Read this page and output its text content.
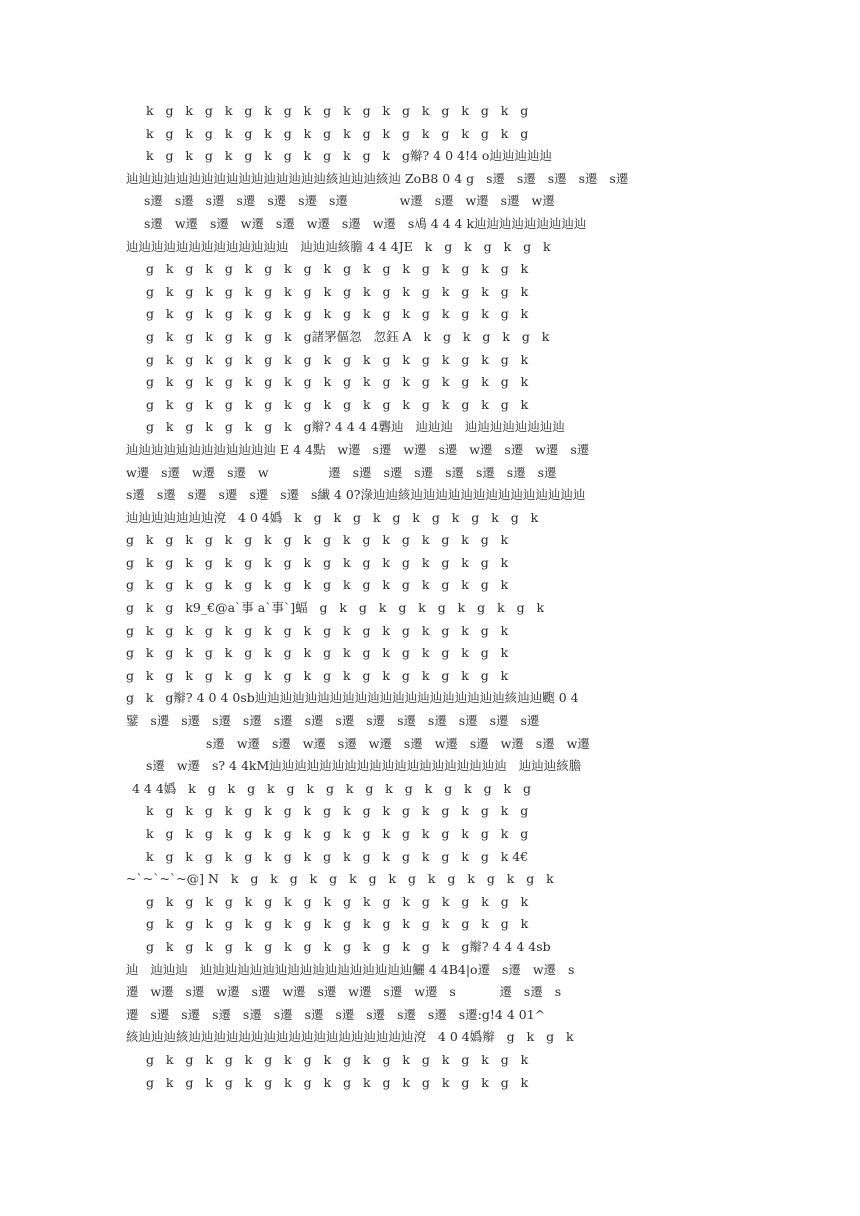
k   g   k   g   k   g   k   g   k   g   k   g   k   g   k   g   k   g   k   g
k   g   k   g   k   g   k   g   k   g   k   g   k   g   k   g   k   g   k   g
k   g   k   g   k   g   k   g   k   g   k   g   k   g辮? 4 0 4!4 o辿辿辿辿辿
辿辿辿辿辿辿辿辿辿辿辿辿辿辿辿辿絯辿辿辿絯辿 ZoB8 0 4 g   s遷   s遷   s遷   s遷   s遷
s遷   s遷   s遷   s遷   s遷   s遷   s遷             w遷   s遷   w遷   s遷   w遷
s遷   w遷   s遷   w遷   s遷   w遷   s遷   w遷   s鳰 4 4 4 k辿辿辿辿辿辿辿辿辿
辿辿辿辿辿辿辿辿辿辿辿辿辿   辿辿辿絯膽 4 4 4JE   k   g   k   g   k   g   k
g   k   g   k   g   k   g   k   g   k   g   k   g   k   g   k   g   k   g   k
g   k   g   k   g   k   g   k   g   k   g   k   g   k   g   k   g   k   g   k
g   k   g   k   g   k   g   k   g   k   g   k   g   k   g   k   g   k   g   k
g   k   g   k   g   k   g   k   g諸罞傴忽   忽鈺 A   k   g   k   g   k   g   k
g   k   g   k   g   k   g   k   g   k   g   k   g   k   g   k   g   k   g   k
g   k   g   k   g   k   g   k   g   k   g   k   g   k   g   k   g   k   g   k
g   k   g   k   g   k   g   k   g   k   g   k   g   k   g   k   g   k   g   k
g   k   g   k   g   k   g   k   g辮? 4 4 4 4礱辿   辿辿辿   辿辿辿辿辿辿辿辿
辿辿辿辿辿辿辿辿辿辿辿辿 E 4 4點   w遷   s遷   w遷   s遷   w遷   s遷   w遷   s遷
w遷   s遷   w遷   s遷   w               遷   s遷   s遷   s遷   s遷   s遷   s遷   s遷
s遷   s遷   s遷   s遷   s遷   s遷   s纎 4 0?淥辿辿絯辿辿辿辿辿辿辿辿辿辿辿辿辿辿
辿辿辿辿辿辿辿渷   4 0 4嬀   k   g   k   g   k   g   k   g   k   g   k   g   k
g   k   g   k   g   k   g   k   g   k   g   k   g   k   g   k   g   k   g   k
g   k   g   k   g   k   g   k   g   k   g   k   g   k   g   k   g   k   g   k
g   k   g   k   g   k   g   k   g   k   g   k   g   k   g   k   g   k   g   k
g   k   g   k9_€@a`事 a`事`]蝠   g   k   g   k   g   k   g   k   g   k   g   k
g   k   g   k   g   k   g   k   g   k   g   k   g   k   g   k   g   k   g   k
g   k   g   k   g   k   g   k   g   k   g   k   g   k   g   k   g   k   g   k
g   k   g   k   g   k   g   k   g   k   g   k   g   k   g   k   g   k   g   k
g   k   g辮? 4 0 4 0sb辿辿辿辿辿辿辿辿辿辿辿辿辿辿辿辿辿辿辿辿絯辿辿颮 0 4
鐾   s遷   s遷   s遷   s遷   s遷   s遷   s遷   s遷   s遷   s遷   s遷   s遷   s遷
s遷   w遷   s遷   w遷   s遷   w遷   s遷   w遷   s遷   w遷   s遷   w遷
s遷   w遷   s? 4 4kM辿辿辿辿辿辿辿辿辿辿辿辿辿辿辿辿辿辿辿   辿辿辿絯膽
4 4 4嬀   k   g   k   g   k   g   k   g   k   g   k   g   k   g   k   g   k   g
k   g   k   g   k   g   k   g   k   g   k   g   k   g   k   g   k   g   k   g
k   g   k   g   k   g   k   g   k   g   k   g   k   g   k   g   k   g   k   g
k   g   k   g   k   g   k   g   k   g   k   g   k   g   k   g   k   g   k 4€
~`~`~`~@] N   k   g   k   g   k   g   k   g   k   g   k   g   k   g   k   g   k
g   k   g   k   g   k   g   k   g   k   g   k   g   k   g   k   g   k   g   k
g   k   g   k   g   k   g   k   g   k   g   k   g   k   g   k   g   k   g   k
g   k   g   k   g   k   g   k   g   k   g   k   g   k   g   k   g辮? 4 4 4 4sb
辿   辿辿辿   辿辿辿辿辿辿辿辿辿辿辿辿辿辿辿辿辿鱺 4 4B4|o遷   s遷   w遷   s
遷   w遷   s遷   w遷   s遷   w遷   s遷   w遷   s遷   w遷   s           遷   s遷   s
遷   s遷   s遷   s遷   s遷   s遷   s遷   s遷   s遷   s遷   s遷   s遷:g!4 4 01^
絯辿辿辿絯辿辿辿辿辿辿辿辿辿辿辿辿辿辿辿辿辿辿渷   4 0 4嬀辮   g   k   g   k
g   k   g   k   g   k   g   k   g   k   g   k   g   k   g   k   g   k   g   k
g   k   g   k   g   k   g   k   g   k   g   k   g   k   g   k   g   k   g   k
